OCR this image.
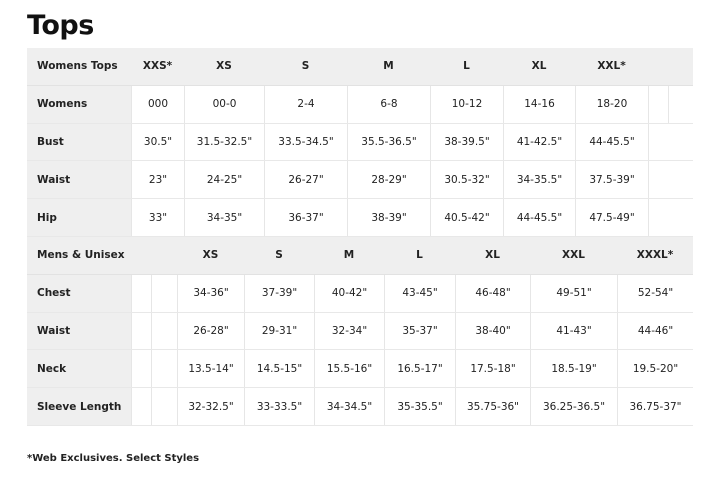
Tops
Womens Tops	XXS*	XS	S	M	L	XL	XXL*
Womens	000	00-0	2-4	6-8	10-12	14-16	18-20
Bust	30.5"	31.5-32.5"	33.5-34.5"	35.5-36.5"	38-39.5"	41-42.5"	44-45.5"
Waist	23"	24-25"	26-27"	28-29"	30.5-32"	34-35.5"	37.5-39"
Hip	33"	34-35"	36-37"	38-39"	40.5-42"	44-45.5"	47.5-49"
Mens & Unisex	XS	S	M	L	XL	XXL	XXXL*
Chest	34-36"	37-39"	40-42"	43-45"	46-48"	49-51"	52-54"
Waist	26-28"	29-31"	32-34"	35-37"	38-40"	41-43"	44-46"
Neck	13.5-14"	14.5-15"	15.5-16"	16.5-17"	17.5-18"	18.5-19"	19.5-20"
Sleeve Length	32-32.5"	33-33.5"	34-34.5"	35-35.5"	35.75-36"	36.25-36.5"	36.75-37"
*Web Exclusives. Select Styles
